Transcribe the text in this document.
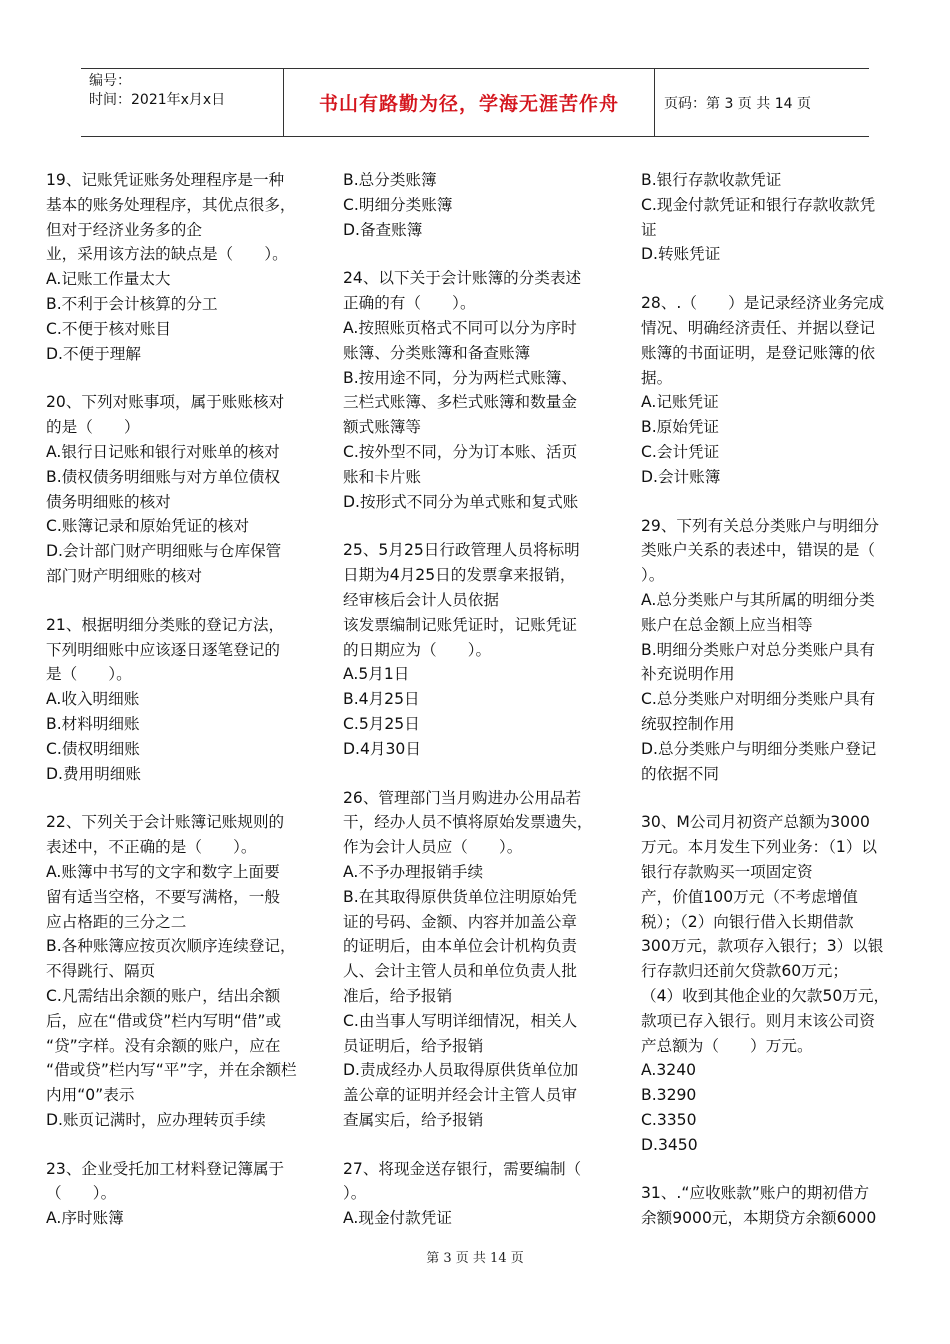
编号：
时间：2021年x月x日	书山有路勤为径，学海无涯苦作舟	页码：第 3 页 共 14 页
19、记账凭证账务处理程序是一种
基本的账务处理程序，其优点很多，
但对于经济业务多的企
业，采用该方法的缺点是（　　）。
A.记账工作量太大
B.不利于会计核算的分工
C.不便于核对账目
D.不便于理解
20、下列对账事项，属于账账核对
的是（　　）
A.银行日记账和银行对账单的核对
B.债权债务明细账与对方单位债权
债务明细账的核对
C.账簿记录和原始凭证的核对
D.会计部门财产明细账与仓库保管
部门财产明细账的核对
21、根据明细分类账的登记方法，
下列明细账中应该逐日逐笔登记的
是（　　）。
A.收入明细账
B.材料明细账
C.债权明细账
D.费用明细账
22、下列关于会计账簿记账规则的
表述中，不正确的是（　　）。
A.账簿中书写的文字和数字上面要
留有适当空格，不要写满格，一般
应占格距的三分之二
B.各种账簿应按页次顺序连续登记，
不得跳行、隔页
C.凡需结出余额的账户，结出余额
后，应在“借或贷”栏内写明“借”或
“贷”字样。没有余额的账户，应在
“借或贷”栏内写“平”字，并在余额栏
内用“0”表示
D.账页记满时，应办理转页手续
23、企业受托加工材料登记簿属于
（　　）。
A.序时账簿
B.总分类账簿
C.明细分类账簿
D.备查账簿
24、以下关于会计账簿的分类表述
正确的有（　　）。
A.按照账页格式不同可以分为序时
账簿、分类账簿和备查账簿
B.按用途不同，分为两栏式账簿、
三栏式账簿、多栏式账簿和数量金
额式账簿等
C.按外型不同，分为订本账、活页
账和卡片账
D.按形式不同分为单式账和复式账
25、5月25日行政管理人员将标明
日期为4月25日的发票拿来报销，
经审核后会计人员依据
该发票编制记账凭证时，记账凭证
的日期应为（　　）。
A.5月1日
B.4月25日
C.5月25日
D.4月30日
26、管理部门当月购进办公用品若
干，经办人员不慎将原始发票遗失，
作为会计人员应（　　）。
A.不予办理报销手续
B.在其取得原供货单位注明原始凭
证的号码、金额、内容并加盖公章
的证明后，由本单位会计机构负责
人、会计主管人员和单位负责人批
准后，给予报销
C.由当事人写明详细情况，相关人
员证明后，给予报销
D.责成经办人员取得原供货单位加
盖公章的证明并经会计主管人员审
查属实后，给予报销
27、将现金送存银行，需要编制（
）。
A.现金付款凭证
B.银行存款收款凭证
C.现金付款凭证和银行存款收款凭
证
D.转账凭证
28、.（　　）是记录经济业务完成
情况、明确经济责任、并据以登记
账簿的书面证明，是登记账簿的依
据。
A.记账凭证
B.原始凭证
C.会计凭证
D.会计账簿
29、下列有关总分类账户与明细分
类账户关系的表述中，错误的是（
）。
A.总分类账户与其所属的明细分类
账户在总金额上应当相等
B.明细分类账户对总分类账户具有
补充说明作用
C.总分类账户对明细分类账户具有
统驭控制作用
D.总分类账户与明细分类账户登记
的依据不同
30、M公司月初资产总额为3000
万元。本月发生下列业务：（1）以
银行存款购买一项固定资
产，价值100万元（不考虑增值
税）；（2）向银行借入长期借款
300万元，款项存入银行；3）以银
行存款归还前欠贷款60万元；
（4）收到其他企业的欠款50万元，
款项已存入银行。则月末该公司资
产总额为（　　）万元。
A.3240
B.3290
C.3350
D.3450
31、.“应收账款”账户的期初借方
余额9000元，本期贷方余额6000
第 3 页 共 14 页
